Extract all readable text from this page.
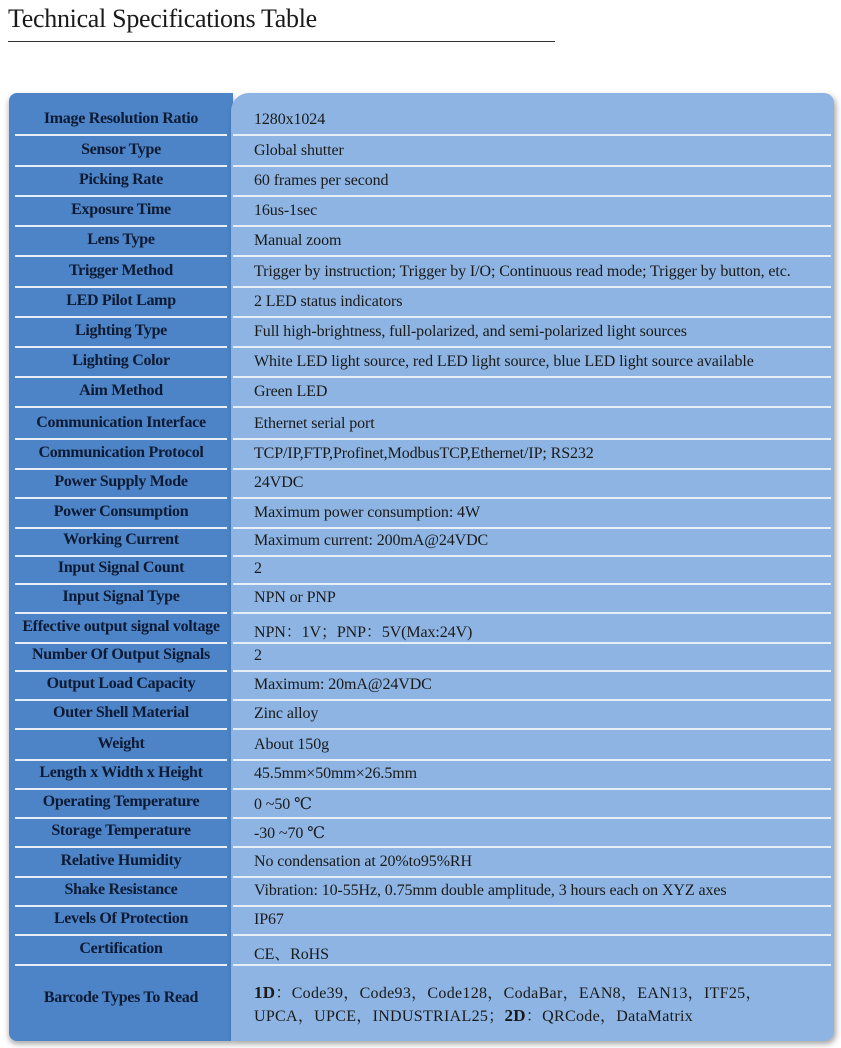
Technical Specifications Table
Image Resolution Ratio	1280x1024
Sensor Type	Global shutter
Picking Rate	60 frames per second
Exposure Time	16us-1sec
Lens Type	Manual zoom
Trigger Method	Trigger by instruction; Trigger by I/O; Continuous read mode; Trigger by button, etc.
LED Pilot Lamp	2 LED status indicators
Lighting Type	Full high-brightness, full-polarized, and semi-polarized light sources
Lighting Color	White LED light source, red LED light source, blue LED light source available
Aim Method	Green LED
Communication Interface	Ethernet serial port
Communication Protocol	TCP/IP,FTP,Profinet,ModbusTCP,Ethernet/IP; RS232
Power Supply Mode	24VDC
Power Consumption	Maximum power consumption: 4W
Working Current	Maximum current: 200mA@24VDC
Input Signal Count	2
Input Signal Type	NPN or PNP
Effective output signal voltage	NPN：1V；PNP：5V(Max:24V)
Number Of Output Signals	2
Output Load Capacity	Maximum: 20mA@24VDC
Outer Shell Material	Zinc alloy
Weight	About 150g
Length x Width x Height	45.5mm×50mm×26.5mm
Operating Temperature	0 ~50 ℃
Storage Temperature	-30 ~70 ℃
Relative Humidity	No condensation at 20%to95%RH
Shake Resistance	Vibration: 10-55Hz, 0.75mm double amplitude, 3 hours each on XYZ axes
Levels Of Protection	IP67
Certification	CE、RoHS
Barcode Types To Read	1D：Code39，Code93，Code128，CodaBar，EAN8，EAN13，ITF25，
UPCA，UPCE，INDUSTRIAL25；2D：QRCode，DataMatrix
